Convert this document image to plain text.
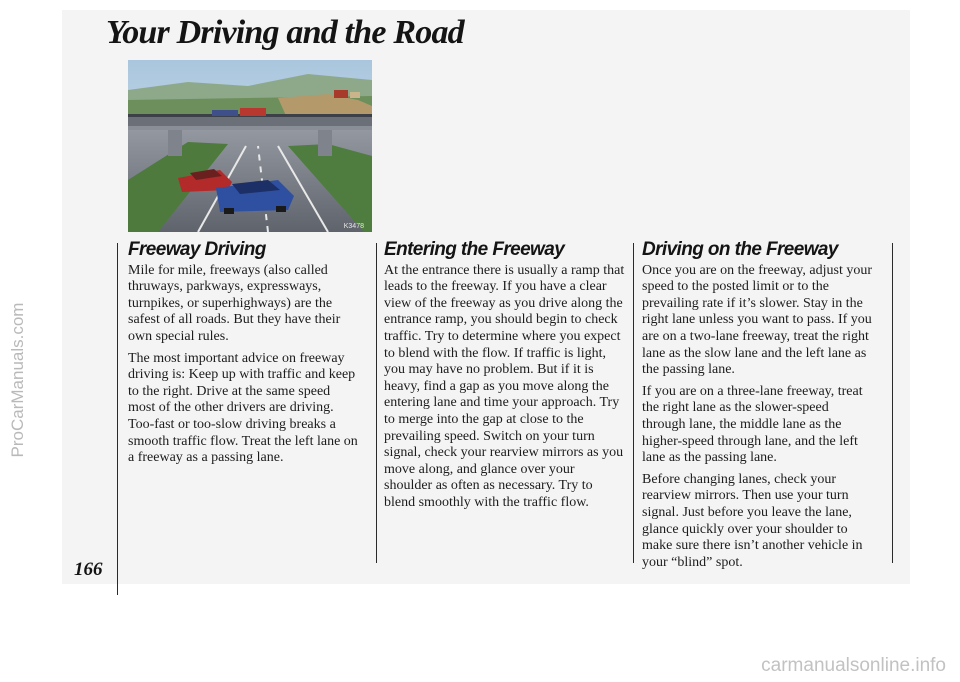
ProCarManuals.com
Your Driving and the Road
K3478
Freeway Driving

Mile for mile, freeways (also called thruways, parkways, expressways, turnpikes, or superhighways) are the safest of all roads. But they have their own special rules.

The most important advice on freeway driving is: Keep up with traffic and keep to the right. Drive at the same speed most of the other drivers are driving. Too-fast or too-slow driving breaks a smooth traffic flow. Treat the left lane on a freeway as a passing lane.

Entering the Freeway

At the entrance there is usually a ramp that leads to the freeway. If you have a clear view of the freeway as you drive along the entrance ramp, you should begin to check traffic. Try to determine where you expect to blend with the flow. If traffic is light, you may have no problem. But if it is heavy, find a gap as you move along the entering lane and time your approach. Try to merge into the gap at close to the prevailing speed. Switch on your turn signal, check your rearview mirrors as you move along, and glance over your shoulder as often as necessary. Try to blend smoothly with the traffic flow.

Driving on the Freeway

Once you are on the freeway, adjust your speed to the posted limit or to the prevailing rate if it’s slower. Stay in the right lane unless you want to pass. If you are on a two-lane freeway, treat the right lane as the slow lane and the left lane as the passing lane.

If you are on a three-lane freeway, treat the right lane as the slower-speed through lane, the middle lane as the higher-speed through lane, and the left lane as the passing lane.

Before changing lanes, check your rearview mirrors. Then use your turn signal. Just before you leave the lane, glance quickly over your shoulder to make sure there isn’t another vehicle in your “blind” spot.

166
carmanualsonline.info
